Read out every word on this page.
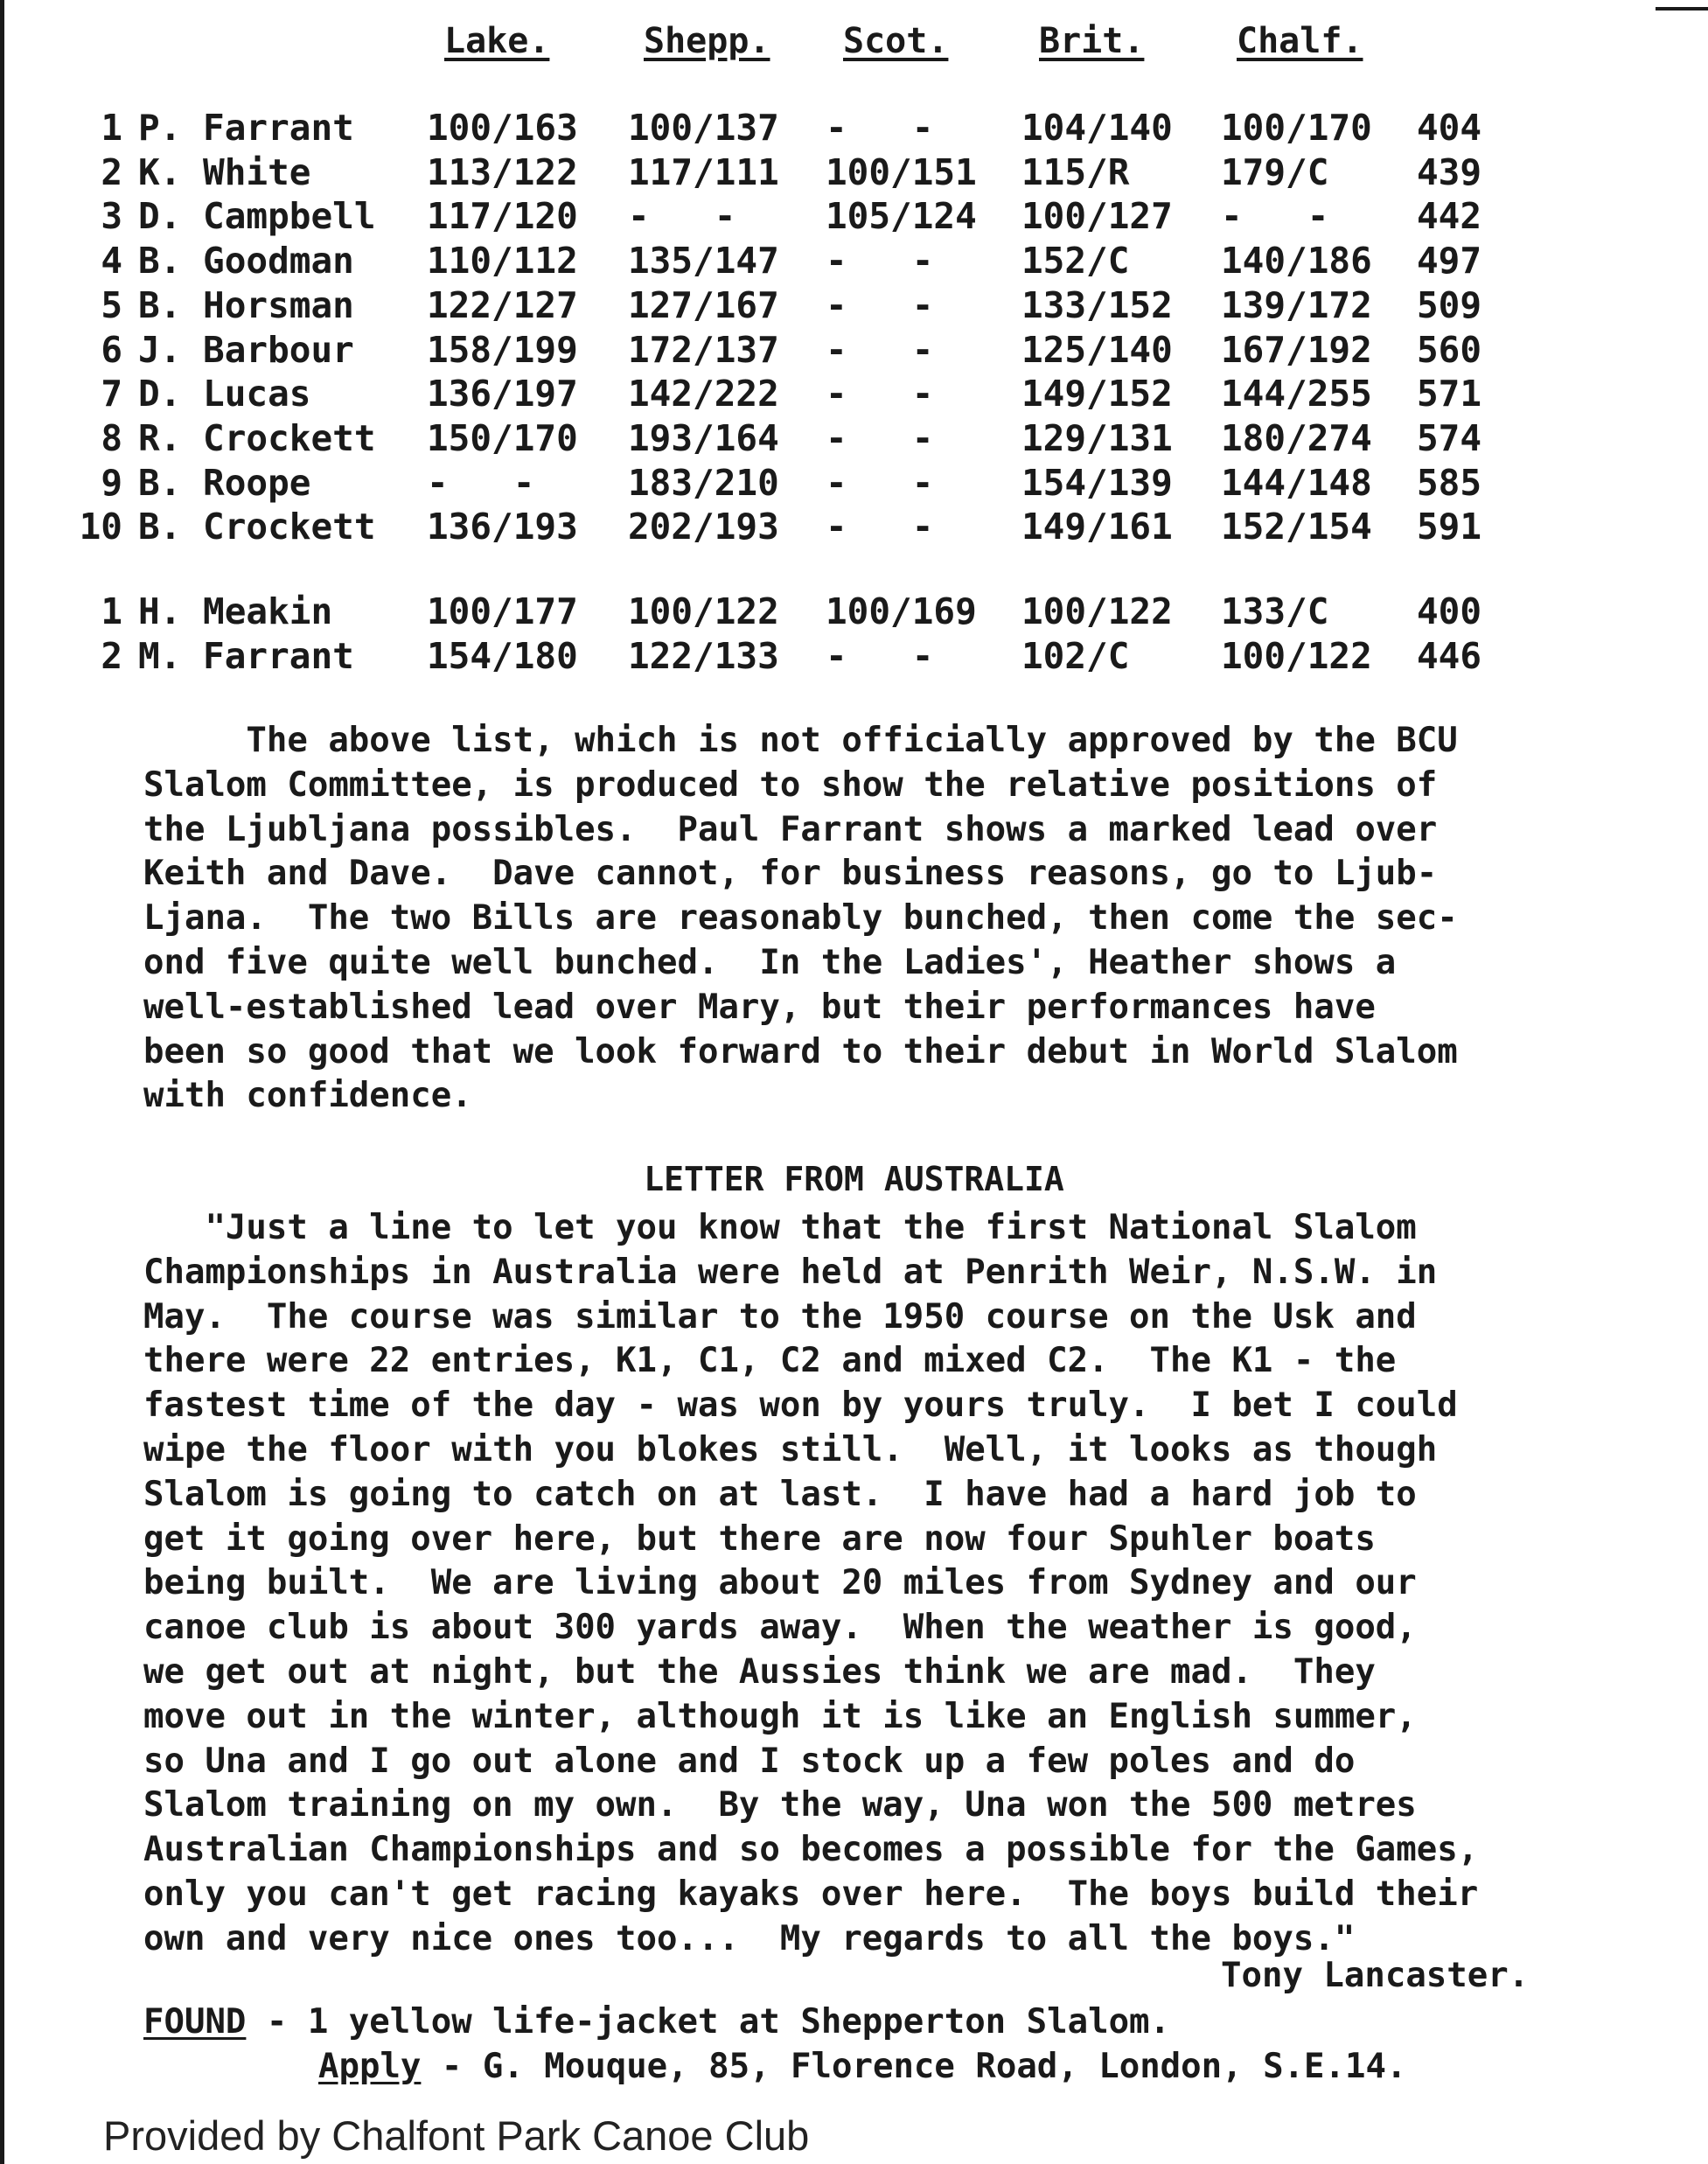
Lake.	Shepp. Scot.	Brit.	Chalf.
1 P. Farrant 100/163 100/137 -   - 104/140 100/170 404
2 K. White	113/122 117/111 100/151 115/R	179/C 439
3 D. Campbell 117/120 -   -	105/124 100/127 -   - 442
4 B. Goodman 110/112 135/147 -   - 152/C	140/186 497
5 B. Horsman 122/127 127/167 -   - 133/152 139/172 509
6 J. Barbour 158/199 172/137 -   - 125/140 167/192 560
7 D. Lucas	136/197 142/222 -   - 149/152 144/255 571
8 R. Crockett 150/170 193/164 -   - 129/131 180/274 574
9 B. Roope	-   -	183/210 -   - 154/139 144/148 585
10 B. Crockett 136/193 202/193 -   - 149/161 152/154 591
1 H. Meakin	100/177 100/122 100/169 100/122 133/C 400
2 M. Farrant 154/180 122/133 -   - 102/C	100/122 446
The above list, which is not officially approved by the BCU
Slalom Committee, is produced to show the relative positions of
the Ljubljana possibles.  Paul Farrant shows a marked lead over
Keith and Dave.  Dave cannot, for business reasons, go to Ljub-
Ljana.  The two Bills are reasonably bunched, then come the sec-
ond five quite well bunched.  In the Ladies', Heather shows a
well-established lead over Mary, but their performances have
been so good that we look forward to their debut in World Slalom
with confidence.
LETTER FROM AUSTRALIA
"Just a line to let you know that the first National Slalom
Championships in Australia were held at Penrith Weir, N.S.W. in
May.  The course was similar to the 1950 course on the Usk and
there were 22 entries, K1, C1, C2 and mixed C2.  The K1 - the
fastest time of the day - was won by yours truly.  I bet I could
wipe the floor with you blokes still.  Well, it looks as though
Slalom is going to catch on at last.  I have had a hard job to
get it going over here, but there are now four Spuhler boats
being built.  We are living about 20 miles from Sydney and our
canoe club is about 300 yards away.  When the weather is good,
we get out at night, but the Aussies think we are mad.  They
move out in the winter, although it is like an English summer,
so Una and I go out alone and I stock up a few poles and do
Slalom training on my own.  By the way, Una won the 500 metres
Australian Championships and so becomes a possible for the Games,
only you can't get racing kayaks over here.  The boys build their
own and very nice ones too...  My regards to all the boys."
Tony Lancaster.
FOUND - 1 yellow life-jacket at Shepperton Slalom.
Apply - G. Mouque, 85, Florence Road, London, S.E.14.
Provided by Chalfont Park Canoe Club
